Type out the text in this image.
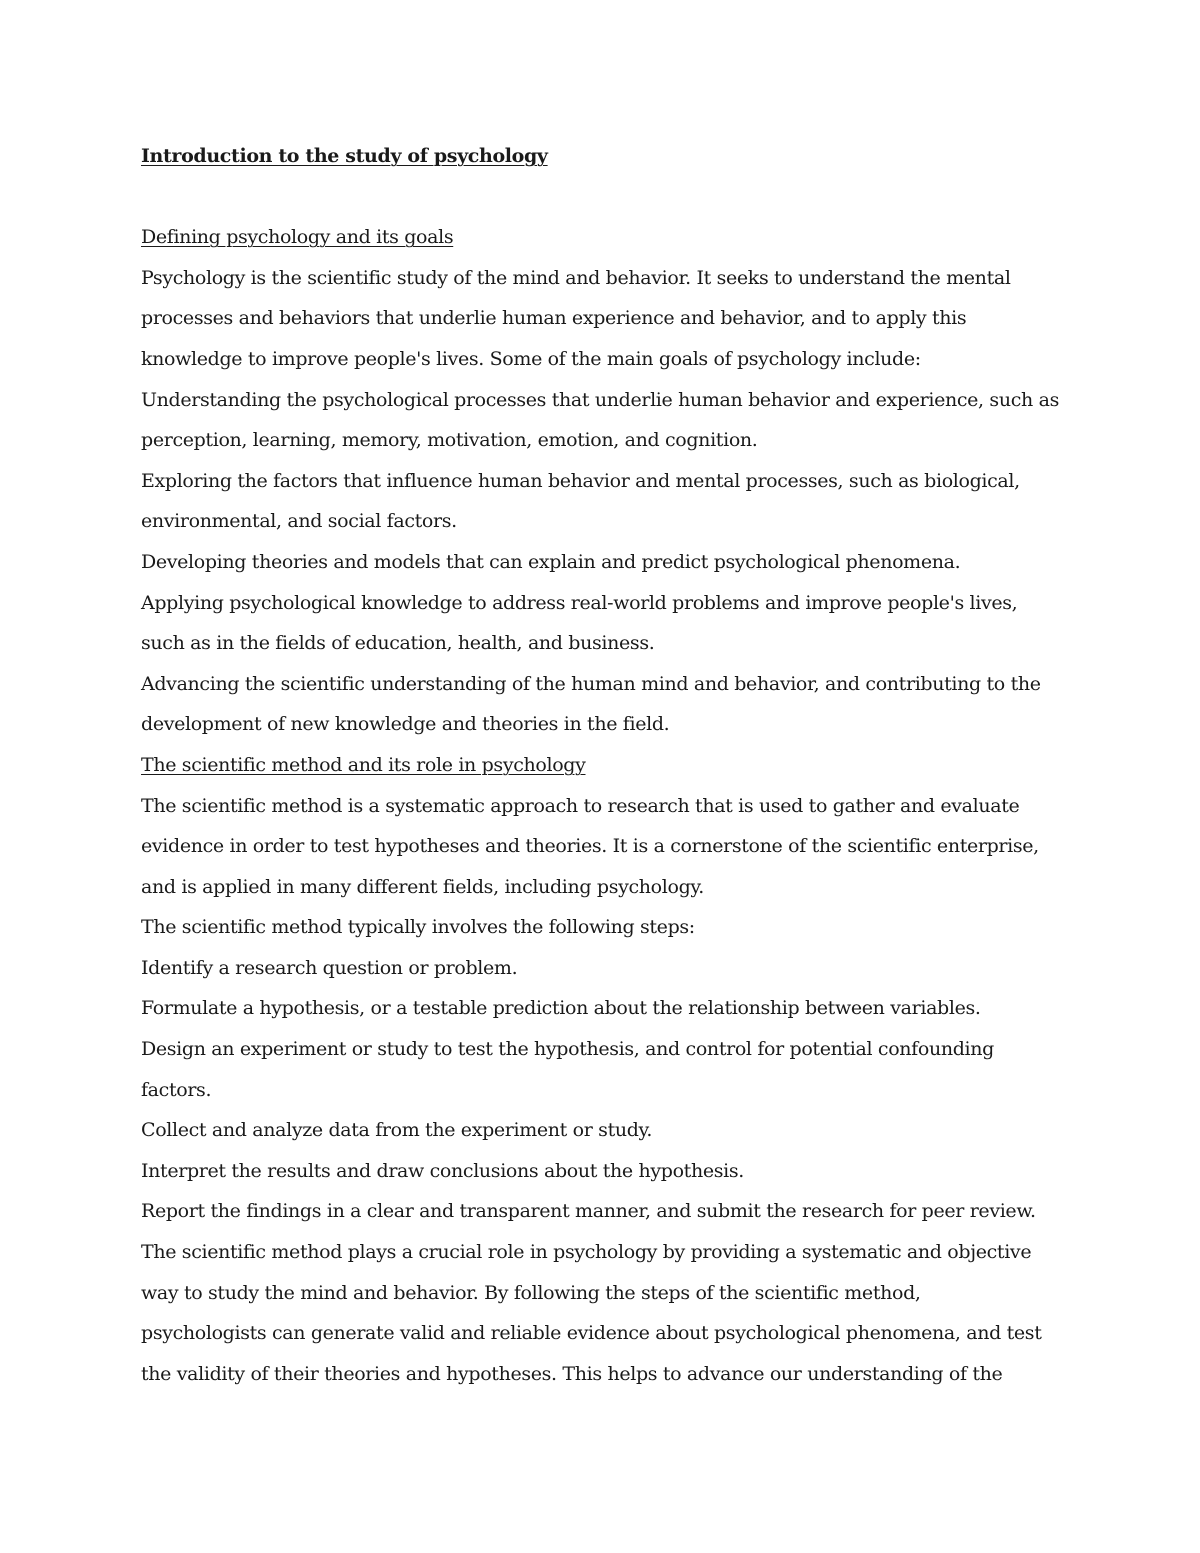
Introduction to the study of psychology
Defining psychology and its goals
Psychology is the scientific study of the mind and behavior. It seeks to understand the mental
processes and behaviors that underlie human experience and behavior, and to apply this
knowledge to improve people's lives. Some of the main goals of psychology include:
Understanding the psychological processes that underlie human behavior and experience, such as
perception, learning, memory, motivation, emotion, and cognition.
Exploring the factors that influence human behavior and mental processes, such as biological,
environmental, and social factors.
Developing theories and models that can explain and predict psychological phenomena.
Applying psychological knowledge to address real-world problems and improve people's lives,
such as in the fields of education, health, and business.
Advancing the scientific understanding of the human mind and behavior, and contributing to the
development of new knowledge and theories in the field.
The scientific method and its role in psychology
The scientific method is a systematic approach to research that is used to gather and evaluate
evidence in order to test hypotheses and theories. It is a cornerstone of the scientific enterprise,
and is applied in many different fields, including psychology.
The scientific method typically involves the following steps:
Identify a research question or problem.
Formulate a hypothesis, or a testable prediction about the relationship between variables.
Design an experiment or study to test the hypothesis, and control for potential confounding
factors.
Collect and analyze data from the experiment or study.
Interpret the results and draw conclusions about the hypothesis.
Report the findings in a clear and transparent manner, and submit the research for peer review.
The scientific method plays a crucial role in psychology by providing a systematic and objective
way to study the mind and behavior. By following the steps of the scientific method,
psychologists can generate valid and reliable evidence about psychological phenomena, and test
the validity of their theories and hypotheses. This helps to advance our understanding of the
